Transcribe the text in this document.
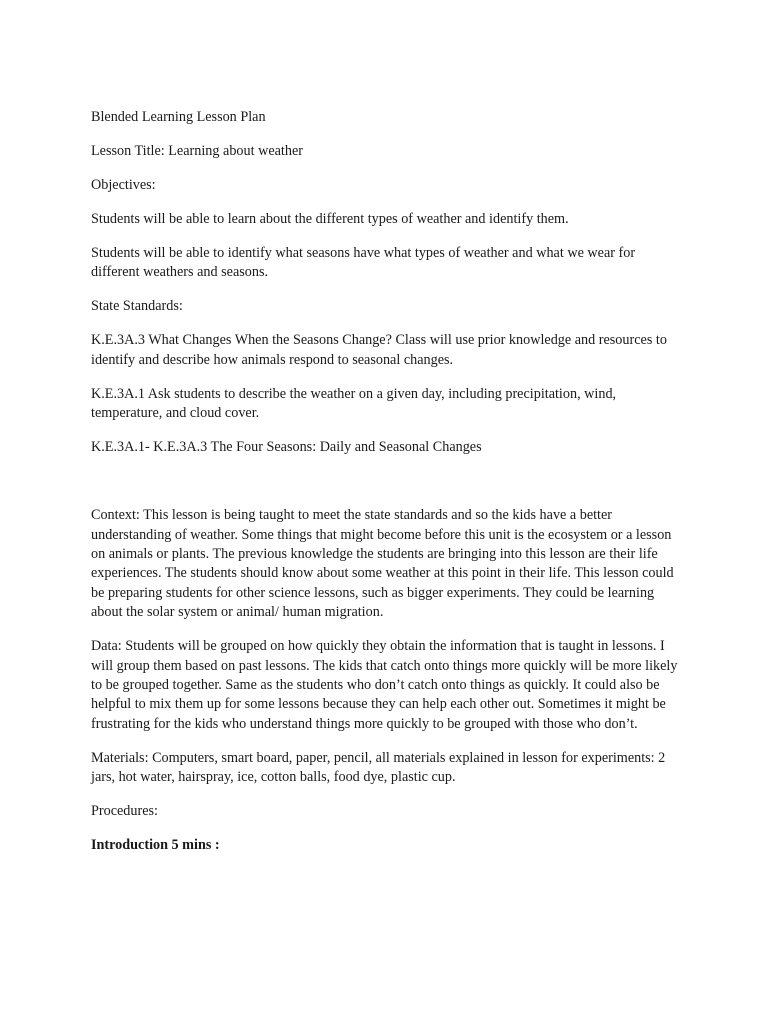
Blended Learning Lesson Plan

Lesson Title: Learning about weather

Objectives:

Students will be able to learn about the different types of weather and identify them.

Students will be able to identify what seasons have what types of weather and what we wear for different weathers and seasons.

State Standards:

K.E.3A.3 What Changes When the Seasons Change? Class will use prior knowledge and resources to identify and describe how animals respond to seasonal changes.

K.E.3A.1 Ask students to describe the weather on a given day, including precipitation, wind, temperature, and cloud cover.

K.E.3A.1- K.E.3A.3 The Four Seasons: Daily and Seasonal Changes

Context: This lesson is being taught to meet the state standards and so the kids have a better understanding of weather. Some things that might become before this unit is the ecosystem or a lesson on animals or plants. The previous knowledge the students are bringing into this lesson are their life experiences. The students should know about some weather at this point in their life. This lesson could be preparing students for other science lessons, such as bigger experiments. They could be learning about the solar system or animal/ human migration.

Data: Students will be grouped on how quickly they obtain the information that is taught in lessons. I will group them based on past lessons. The kids that catch onto things more quickly will be more likely to be grouped together. Same as the students who don’t catch onto things as quickly. It could also be helpful to mix them up for some lessons because they can help each other out. Sometimes it might be frustrating for the kids who understand things more quickly to be grouped with those who don’t.

Materials: Computers, smart board, paper, pencil, all materials explained in lesson for experiments: 2 jars, hot water, hairspray, ice, cotton balls, food dye, plastic cup.

Procedures:

Introduction 5 mins :
